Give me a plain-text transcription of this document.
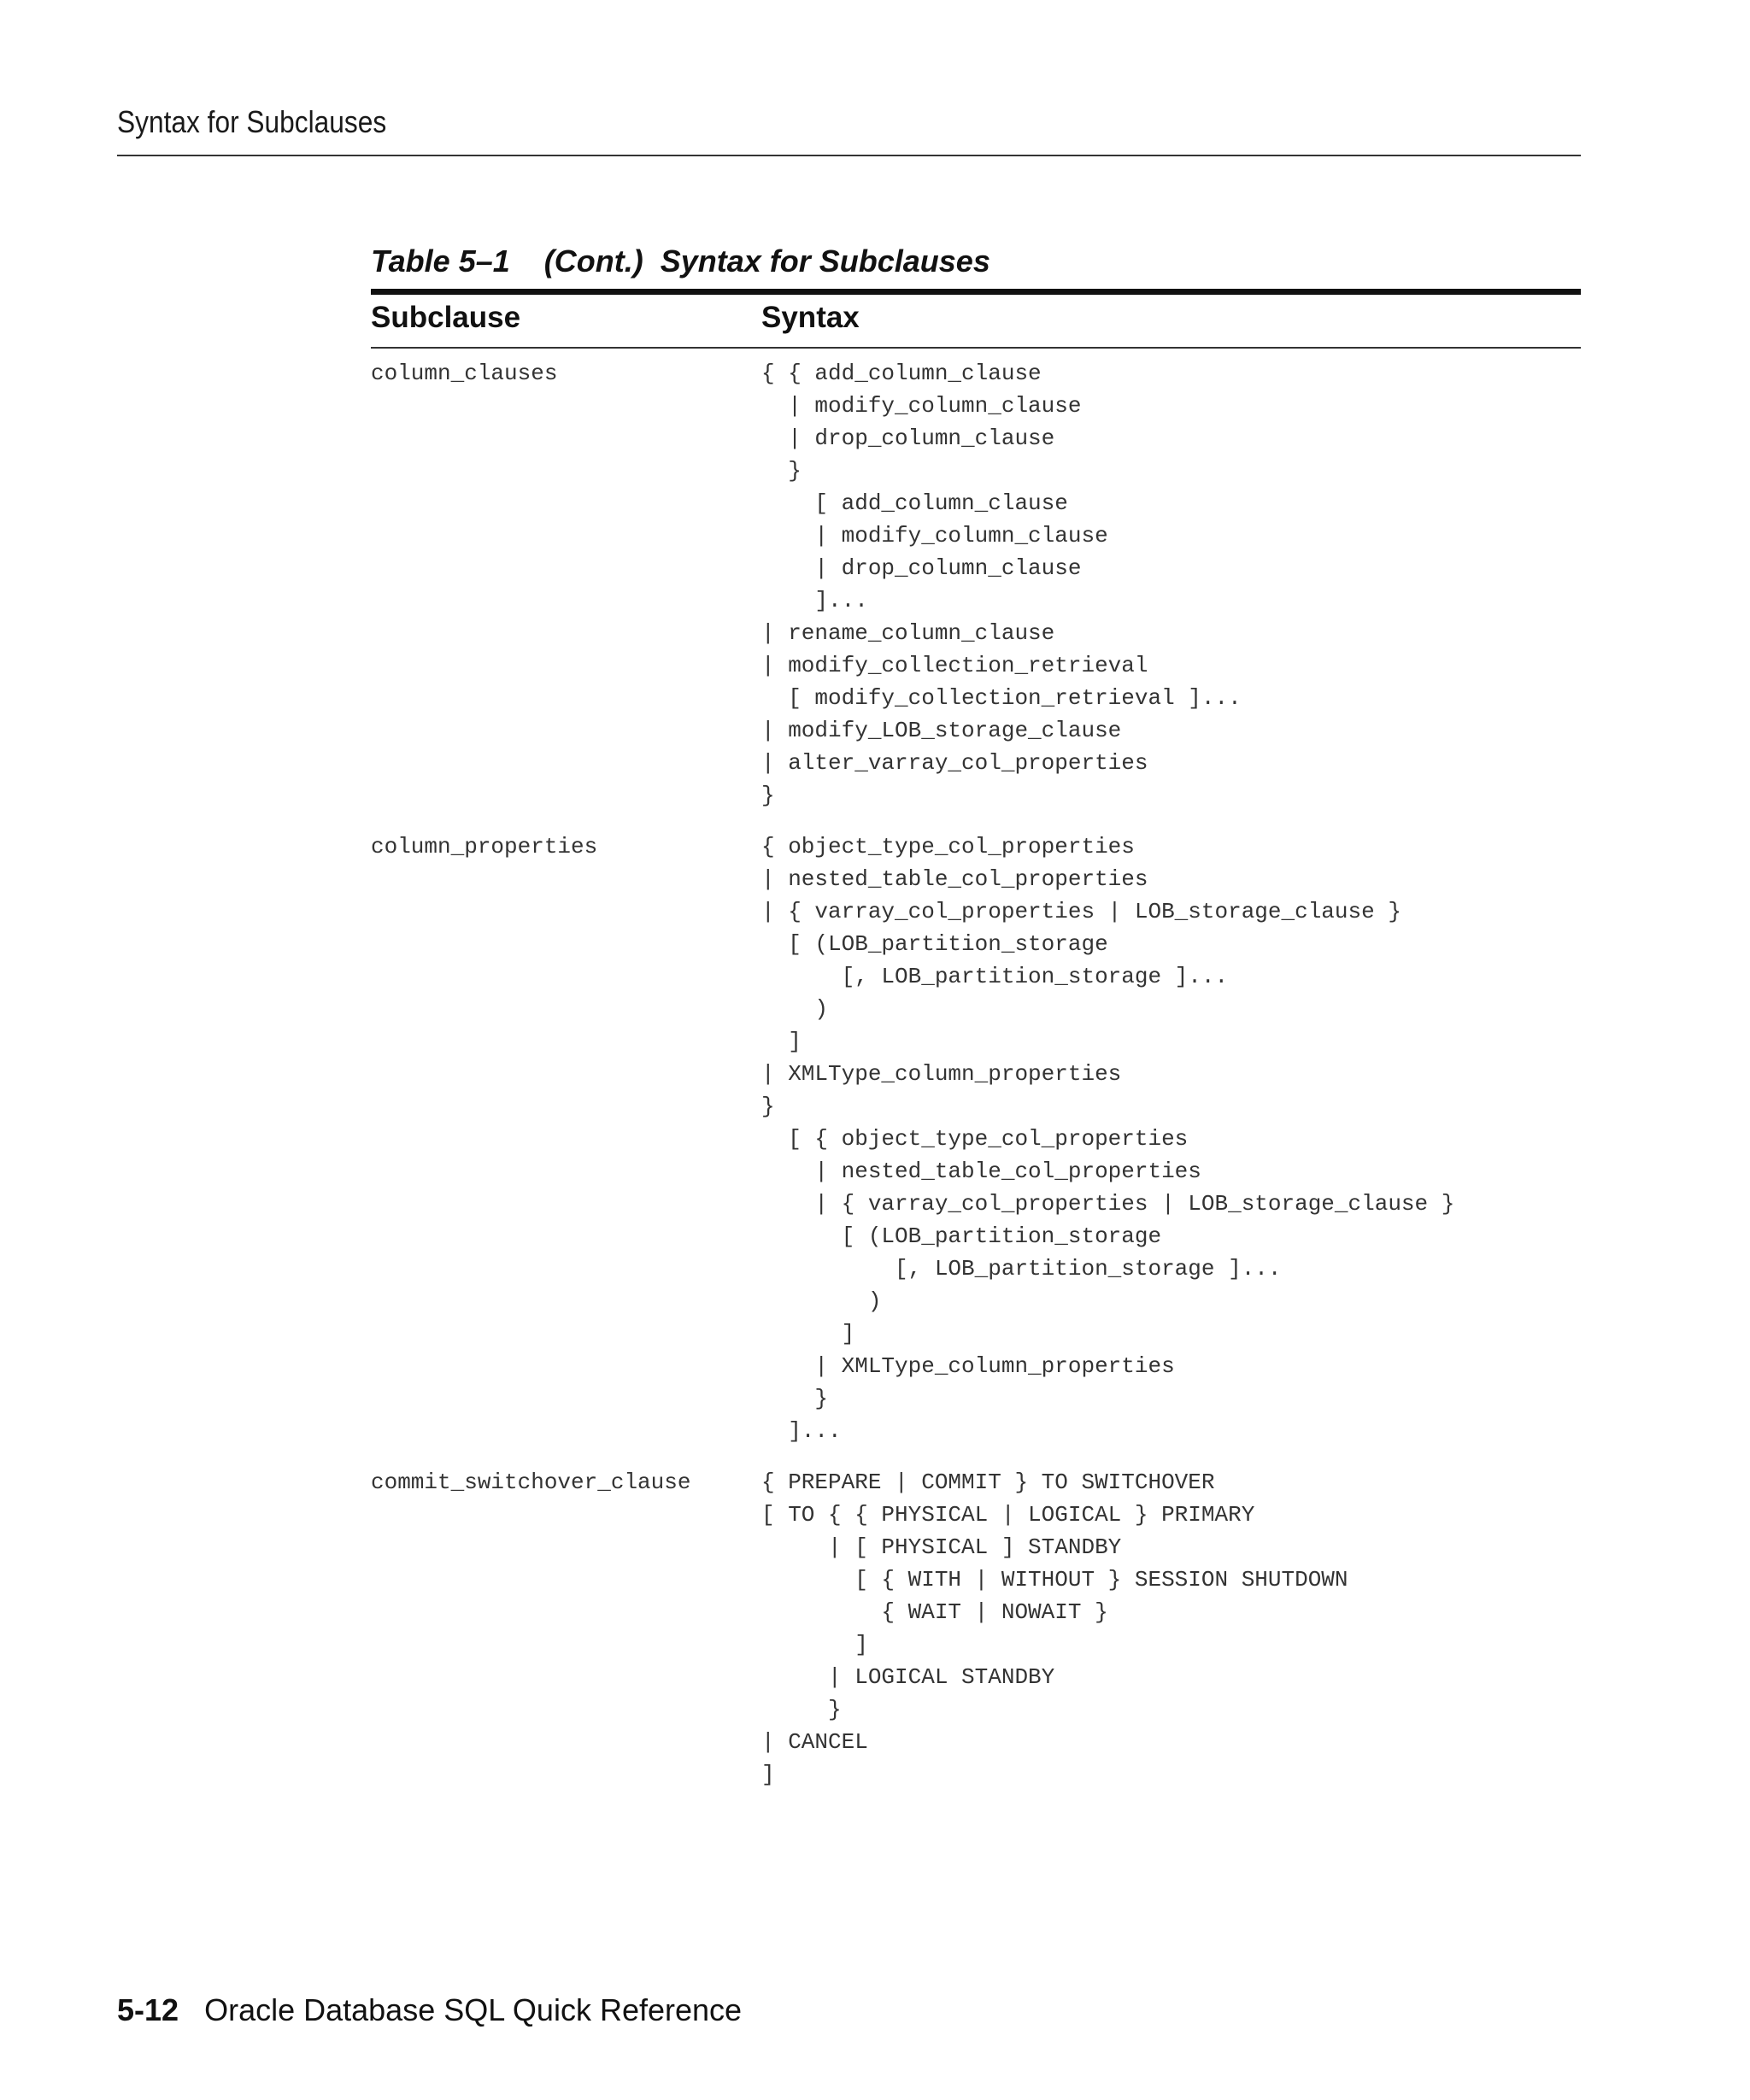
Syntax for Subclauses
Table 5–1    (Cont.)  Syntax for Subclauses
Subclause	Syntax
column_clauses	{ { add_column_clause
| modify_column_clause
| drop_column_clause
}
[ add_column_clause
| modify_column_clause
| drop_column_clause
]...
| rename_column_clause
| modify_collection_retrieval
[ modify_collection_retrieval ]...
| modify_LOB_storage_clause
| alter_varray_col_properties
}
column_properties	{ object_type_col_properties
| nested_table_col_properties
| { varray_col_properties | LOB_storage_clause }
[ (LOB_partition_storage
[, LOB_partition_storage ]...
)
]
| XMLType_column_properties
}
[ { object_type_col_properties
| nested_table_col_properties
| { varray_col_properties | LOB_storage_clause }
[ (LOB_partition_storage
[, LOB_partition_storage ]...
)
]
| XMLType_column_properties
}
]...
commit_switchover_clause	{ PREPARE | COMMIT } TO SWITCHOVER
[ TO { { PHYSICAL | LOGICAL } PRIMARY
| [ PHYSICAL ] STANDBY
[ { WITH | WITHOUT } SESSION SHUTDOWN
{ WAIT | NOWAIT }
]
| LOGICAL STANDBY
}
| CANCEL
]
5-12 Oracle Database SQL Quick Reference
